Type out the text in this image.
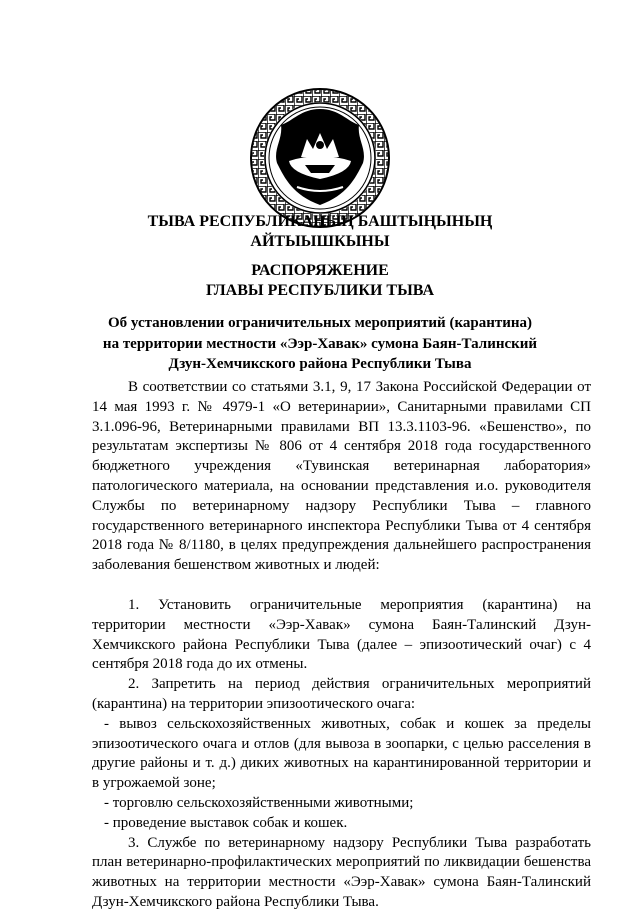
ТЫВА РЕСПУБЛИКАНЫҢ БАШТЫҢЫНЫҢ
АЙТЫЫШКЫНЫ
РАСПОРЯЖЕНИЕ
ГЛАВЫ РЕСПУБЛИКИ ТЫВА
Об установлении ограничительных мероприятий (карантина) на территории местности «Ээр-Хавак» сумона Баян-Талинский Дзун-Хемчикского района Республики Тыва

В соответствии со статьями 3.1, 9, 17 Закона Российской Федерации от 14 мая 1993 г. № 4979-1 «О ветеринарии», Санитарными правилами СП 3.1.096-96, Ветеринарными правилами ВП 13.3.1103-96. «Бешенство», по результатам экспертизы № 806 от 4 сентября 2018 года государственного бюджетного учреждения «Тувинская ветеринарная лаборатория» патологического материала, на основании представления и.о. руководителя Службы по ветеринарному надзору Республики Тыва – главного государственного ветеринарного инспектора Республики Тыва от 4 сентября 2018 года № 8/1180, в целях предупреждения дальнейшего распространения заболевания бешенством животных и людей:

1. Установить ограничительные мероприятия (карантина) на территории местности «Ээр-Хавак» сумона Баян-Талинский Дзун-Хемчикского района Республики Тыва (далее – эпизоотический очаг) с 4 сентября 2018 года до их отмены.

2. Запретить на период действия ограничительных мероприятий (карантина) на территории эпизоотического очага:

- вывоз сельскохозяйственных животных, собак и кошек за пределы эпизоотического очага и отлов (для вывоза в зоопарки, с целью расселения в другие районы и т. д.) диких животных на карантинированной территории и в угрожаемой зоне;

- торговлю сельскохозяйственными животными;

- проведение выставок собак и кошек.

3. Службе по ветеринарному надзору Республики Тыва разработать план ветеринарно-профилактических мероприятий по ликвидации бешенства животных на территории местности «Ээр-Хавак» сумона Баян-Талинский Дзун-Хемчикского района Республики Тыва.
